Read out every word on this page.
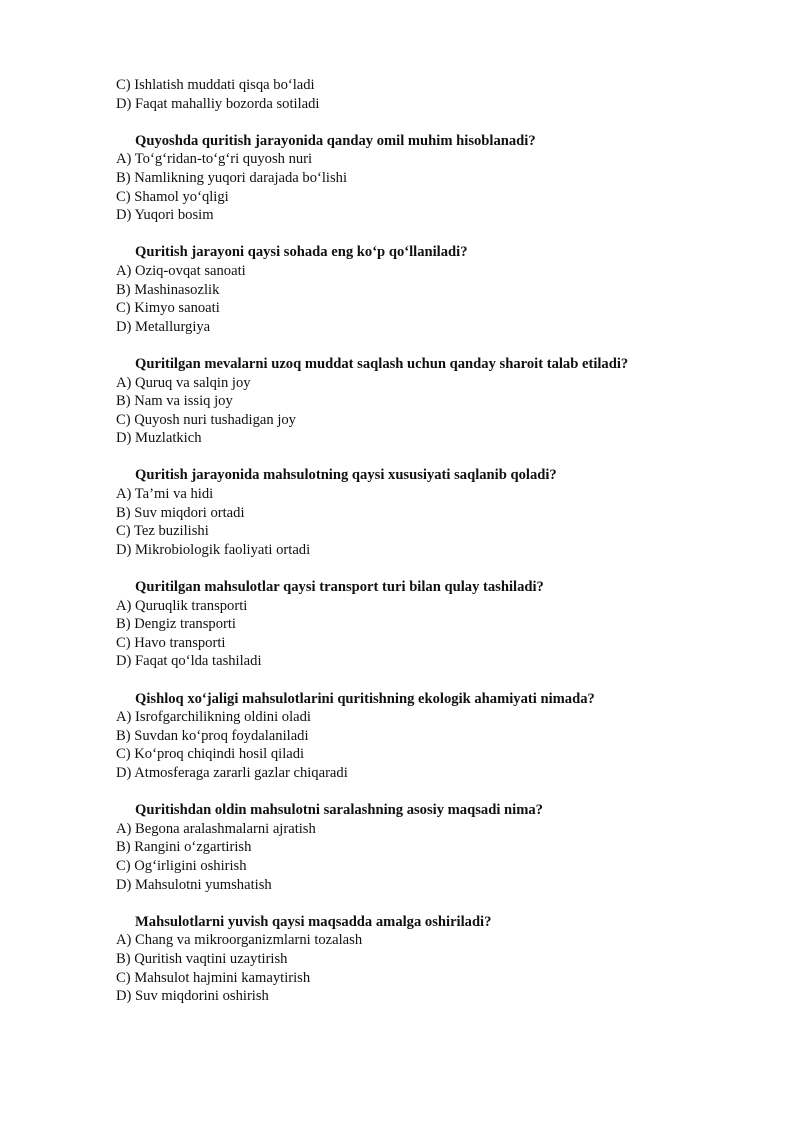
C) Ishlatish muddati qisqa bo‘ladi
D) Faqat mahalliy bozorda sotiladi
Quyoshda quritish jarayonida qanday omil muhim hisoblanadi?
A) To‘g‘ridan-to‘g‘ri quyosh nuri
B) Namlikning yuqori darajada bo‘lishi
C) Shamol yo‘qligi
D) Yuqori bosim
Quritish jarayoni qaysi sohada eng ko‘p qo‘llaniladi?
A) Oziq-ovqat sanoati
B) Mashinasozlik
C) Kimyo sanoati
D) Metallurgiya
Quritilgan mevalarni uzoq muddat saqlash uchun qanday sharoit talab etiladi?
A) Quruq va salqin joy
B) Nam va issiq joy
C) Quyosh nuri tushadigan joy
D) Muzlatkich
Quritish jarayonida mahsulotning qaysi xususiyati saqlanib qoladi?
A) Ta’mi va hidi
B) Suv miqdori ortadi
C) Tez buzilishi
D) Mikrobiologik faoliyati ortadi
Quritilgan mahsulotlar qaysi transport turi bilan qulay tashiladi?
A) Quruqlik transporti
B) Dengiz transporti
C) Havo transporti
D) Faqat qo‘lda tashiladi
Qishloq xo‘jaligi mahsulotlarini quritishning ekologik ahamiyati nimada?
A) Isrofgarchilikning oldini oladi
B) Suvdan ko‘proq foydalaniladi
C) Ko‘proq chiqindi hosil qiladi
D) Atmosferaga zararli gazlar chiqaradi
Quritishdan oldin mahsulotni saralashning asosiy maqsadi nima?
A) Begona aralashmalarni ajratish
B) Rangini o‘zgartirish
C) Og‘irligini oshirish
D) Mahsulotni yumshatish
Mahsulotlarni yuvish qaysi maqsadda amalga oshiriladi?
A) Chang va mikroorganizmlarni tozalash
B) Quritish vaqtini uzaytirish
C) Mahsulot hajmini kamaytirish
D) Suv miqdorini oshirish
